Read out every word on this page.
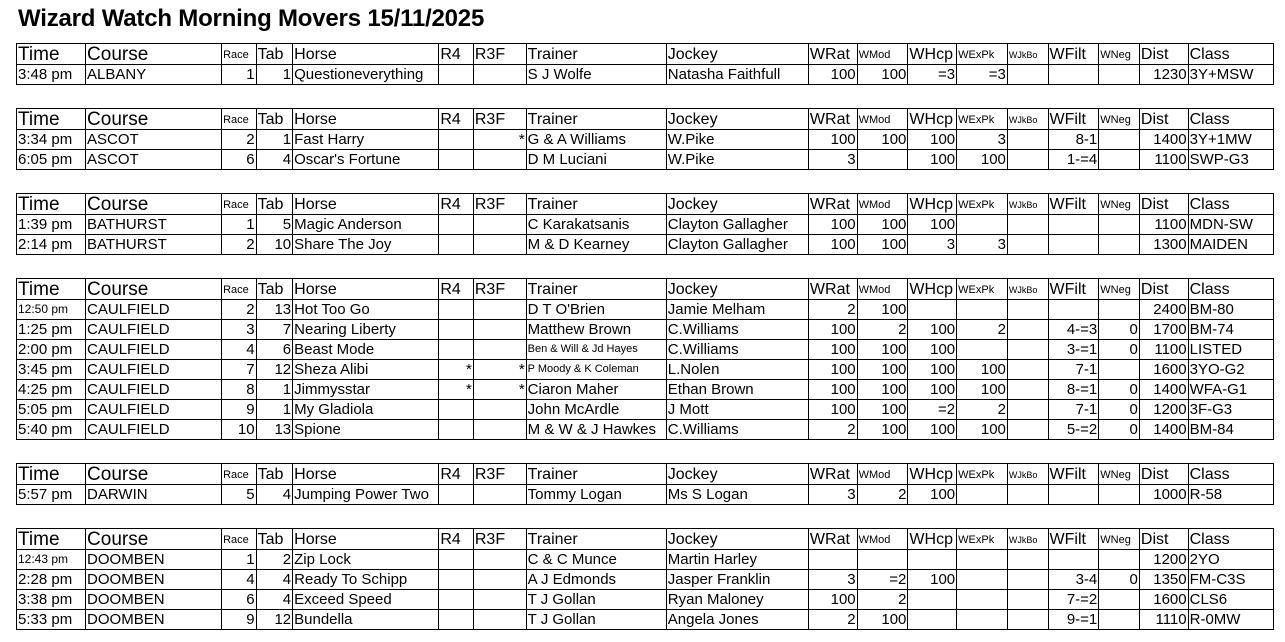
Wizard Watch Morning Movers 15/11/2025
Time	Course	Race	Tab	Horse	R4	R3F	Trainer	Jockey	WRat	WMod	WHcp	WExPk	WJkBo	WFilt	WNeg	Dist	Class
3:48 pm	ALBANY	1	1	Questioneverything			S J Wolfe	Natasha Faithfull	100	100	=3	=3				1230	3Y+MSW
Time	Course	Race	Tab	Horse	R4	R3F	Trainer	Jockey	WRat	WMod	WHcp	WExPk	WJkBo	WFilt	WNeg	Dist	Class
3:34 pm	ASCOT	2	1	Fast Harry		*	G & A Williams	W.Pike	100	100	100	3		8-1		1400	3Y+1MW
6:05 pm	ASCOT	6	4	Oscar's Fortune			D M Luciani	W.Pike	3		100	100		1-=4		1100	SWP-G3
Time	Course	Race	Tab	Horse	R4	R3F	Trainer	Jockey	WRat	WMod	WHcp	WExPk	WJkBo	WFilt	WNeg	Dist	Class
1:39 pm	BATHURST	1	5	Magic Anderson			C Karakatsanis	Clayton Gallagher	100	100	100					1100	MDN-SW
2:14 pm	BATHURST	2	10	Share The Joy			M & D Kearney	Clayton Gallagher	100	100	3	3				1300	MAIDEN
Time	Course	Race	Tab	Horse	R4	R3F	Trainer	Jockey	WRat	WMod	WHcp	WExPk	WJkBo	WFilt	WNeg	Dist	Class
12:50 pm	CAULFIELD	2	13	Hot Too Go			D T O'Brien	Jamie Melham	2	100						2400	BM-80
1:25 pm	CAULFIELD	3	7	Nearing Liberty			Matthew Brown	C.Williams	100	2	100	2		4-=3	0	1700	BM-74
2:00 pm	CAULFIELD	4	6	Beast Mode			Ben & Will & Jd Hayes	C.Williams	100	100	100			3-=1	0	1100	LISTED
3:45 pm	CAULFIELD	7	12	Sheza Alibi	*	*	P Moody & K Coleman	L.Nolen	100	100	100	100		7-1		1600	3YO-G2
4:25 pm	CAULFIELD	8	1	Jimmysstar	*	*	Ciaron Maher	Ethan Brown	100	100	100	100		8-=1	0	1400	WFA-G1
5:05 pm	CAULFIELD	9	1	My Gladiola			John McArdle	J Mott	100	100	=2	2		7-1	0	1200	3F-G3
5:40 pm	CAULFIELD	10	13	Spione			M & W & J Hawkes	C.Williams	2	100	100	100		5-=2	0	1400	BM-84
Time	Course	Race	Tab	Horse	R4	R3F	Trainer	Jockey	WRat	WMod	WHcp	WExPk	WJkBo	WFilt	WNeg	Dist	Class
5:57 pm	DARWIN	5	4	Jumping Power Two			Tommy Logan	Ms S Logan	3	2	100					1000	R-58
Time	Course	Race	Tab	Horse	R4	R3F	Trainer	Jockey	WRat	WMod	WHcp	WExPk	WJkBo	WFilt	WNeg	Dist	Class
12:43 pm	DOOMBEN	1	2	Zip Lock			C & C Munce	Martin Harley								1200	2YO
2:28 pm	DOOMBEN	4	4	Ready To Schipp			A J Edmonds	Jasper Franklin	3	=2	100			3-4	0	1350	FM-C3S
3:38 pm	DOOMBEN	6	4	Exceed Speed			T J Gollan	Ryan Maloney	100	2				7-=2		1600	CLS6
5:33 pm	DOOMBEN	9	12	Bundella			T J Gollan	Angela Jones	2	100				9-=1		1110	R-0MW
